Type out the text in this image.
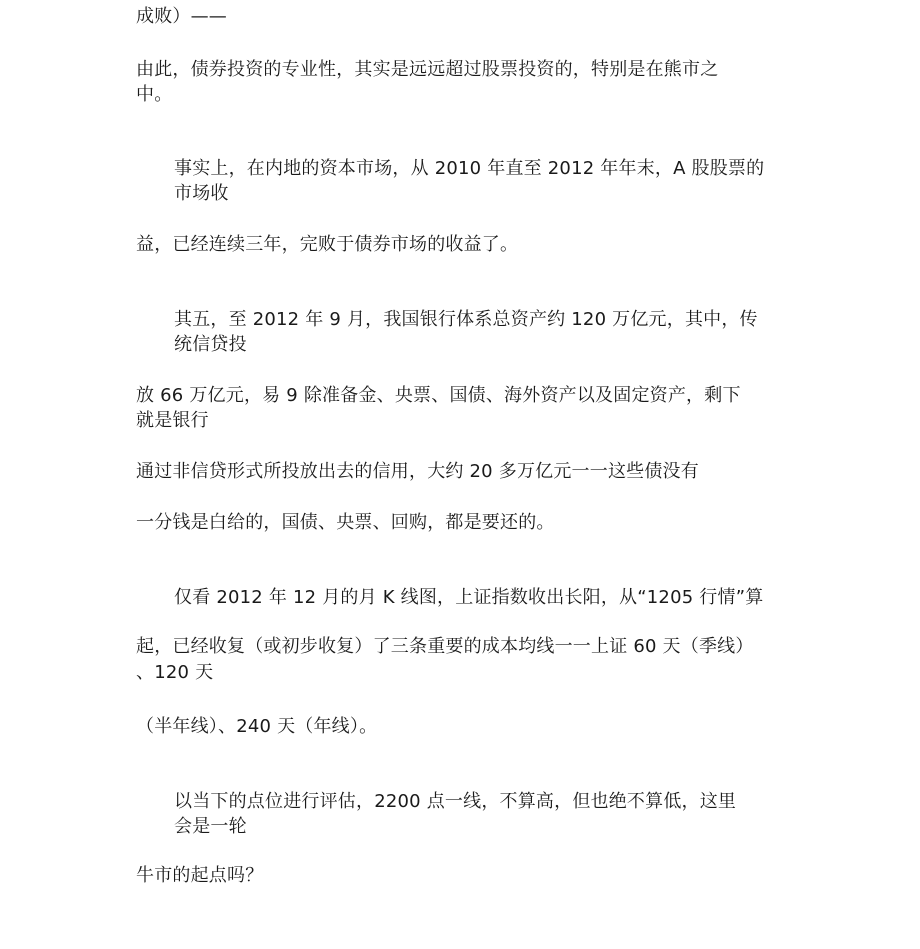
成败）——
由此，债券投资的专业性，其实是远远超过股票投资的，特别是在熊市之
中。
事实上，在内地的资本市场，从 2010 年直至 2012 年年末，A 股股票的
市场收
益，已经连续三年，完败于债券市场的收益了。
其五，至 2012 年 9 月，我国银行体系总资产约 120 万亿元，其中，传
统信贷投
放 66 万亿元，易 9 除准备金、央票、国债、海外资产以及固定资产，剩下
就是银行
通过非信贷形式所投放出去的信用，大约 20 多万亿元一一这些债没有
一分钱是白给的，国债、央票、回购，都是要还的。
仅看 2012 年 12 月的月 K 线图，上证指数收出长阳，从“1205 行情”算
起，已经收复（或初步收复）了三条重要的成本均线一一上证 60 天（季线）
、120 天
（半年线）、240 天（年线）。
以当下的点位进行评估，2200 点一线，不算高，但也绝不算低，这里
会是一轮
牛市的起点吗？
